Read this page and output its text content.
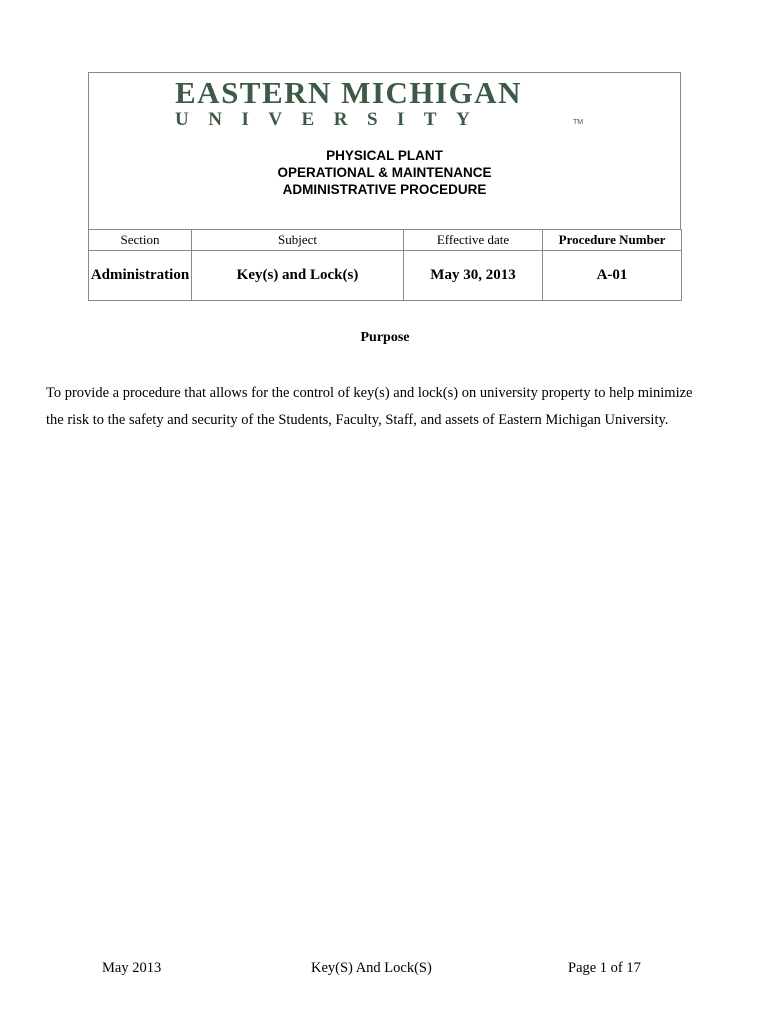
EASTERN MICHIGAN
UNIVERSITY	TM
PHYSICAL PLANT
OPERATIONAL & MAINTENANCE
ADMINISTRATIVE PROCEDURE
Section	Subject	Effective date	Procedure Number
Administration	Key(s) and Lock(s)	May 30, 2013	A-01
Purpose
To provide a procedure that allows for the control of key(s) and lock(s) on university property to help minimize
the risk to the safety and security of the Students, Faculty, Staff, and assets of Eastern Michigan University.
May 2013	Key(S) And Lock(S)	Page 1 of 17
